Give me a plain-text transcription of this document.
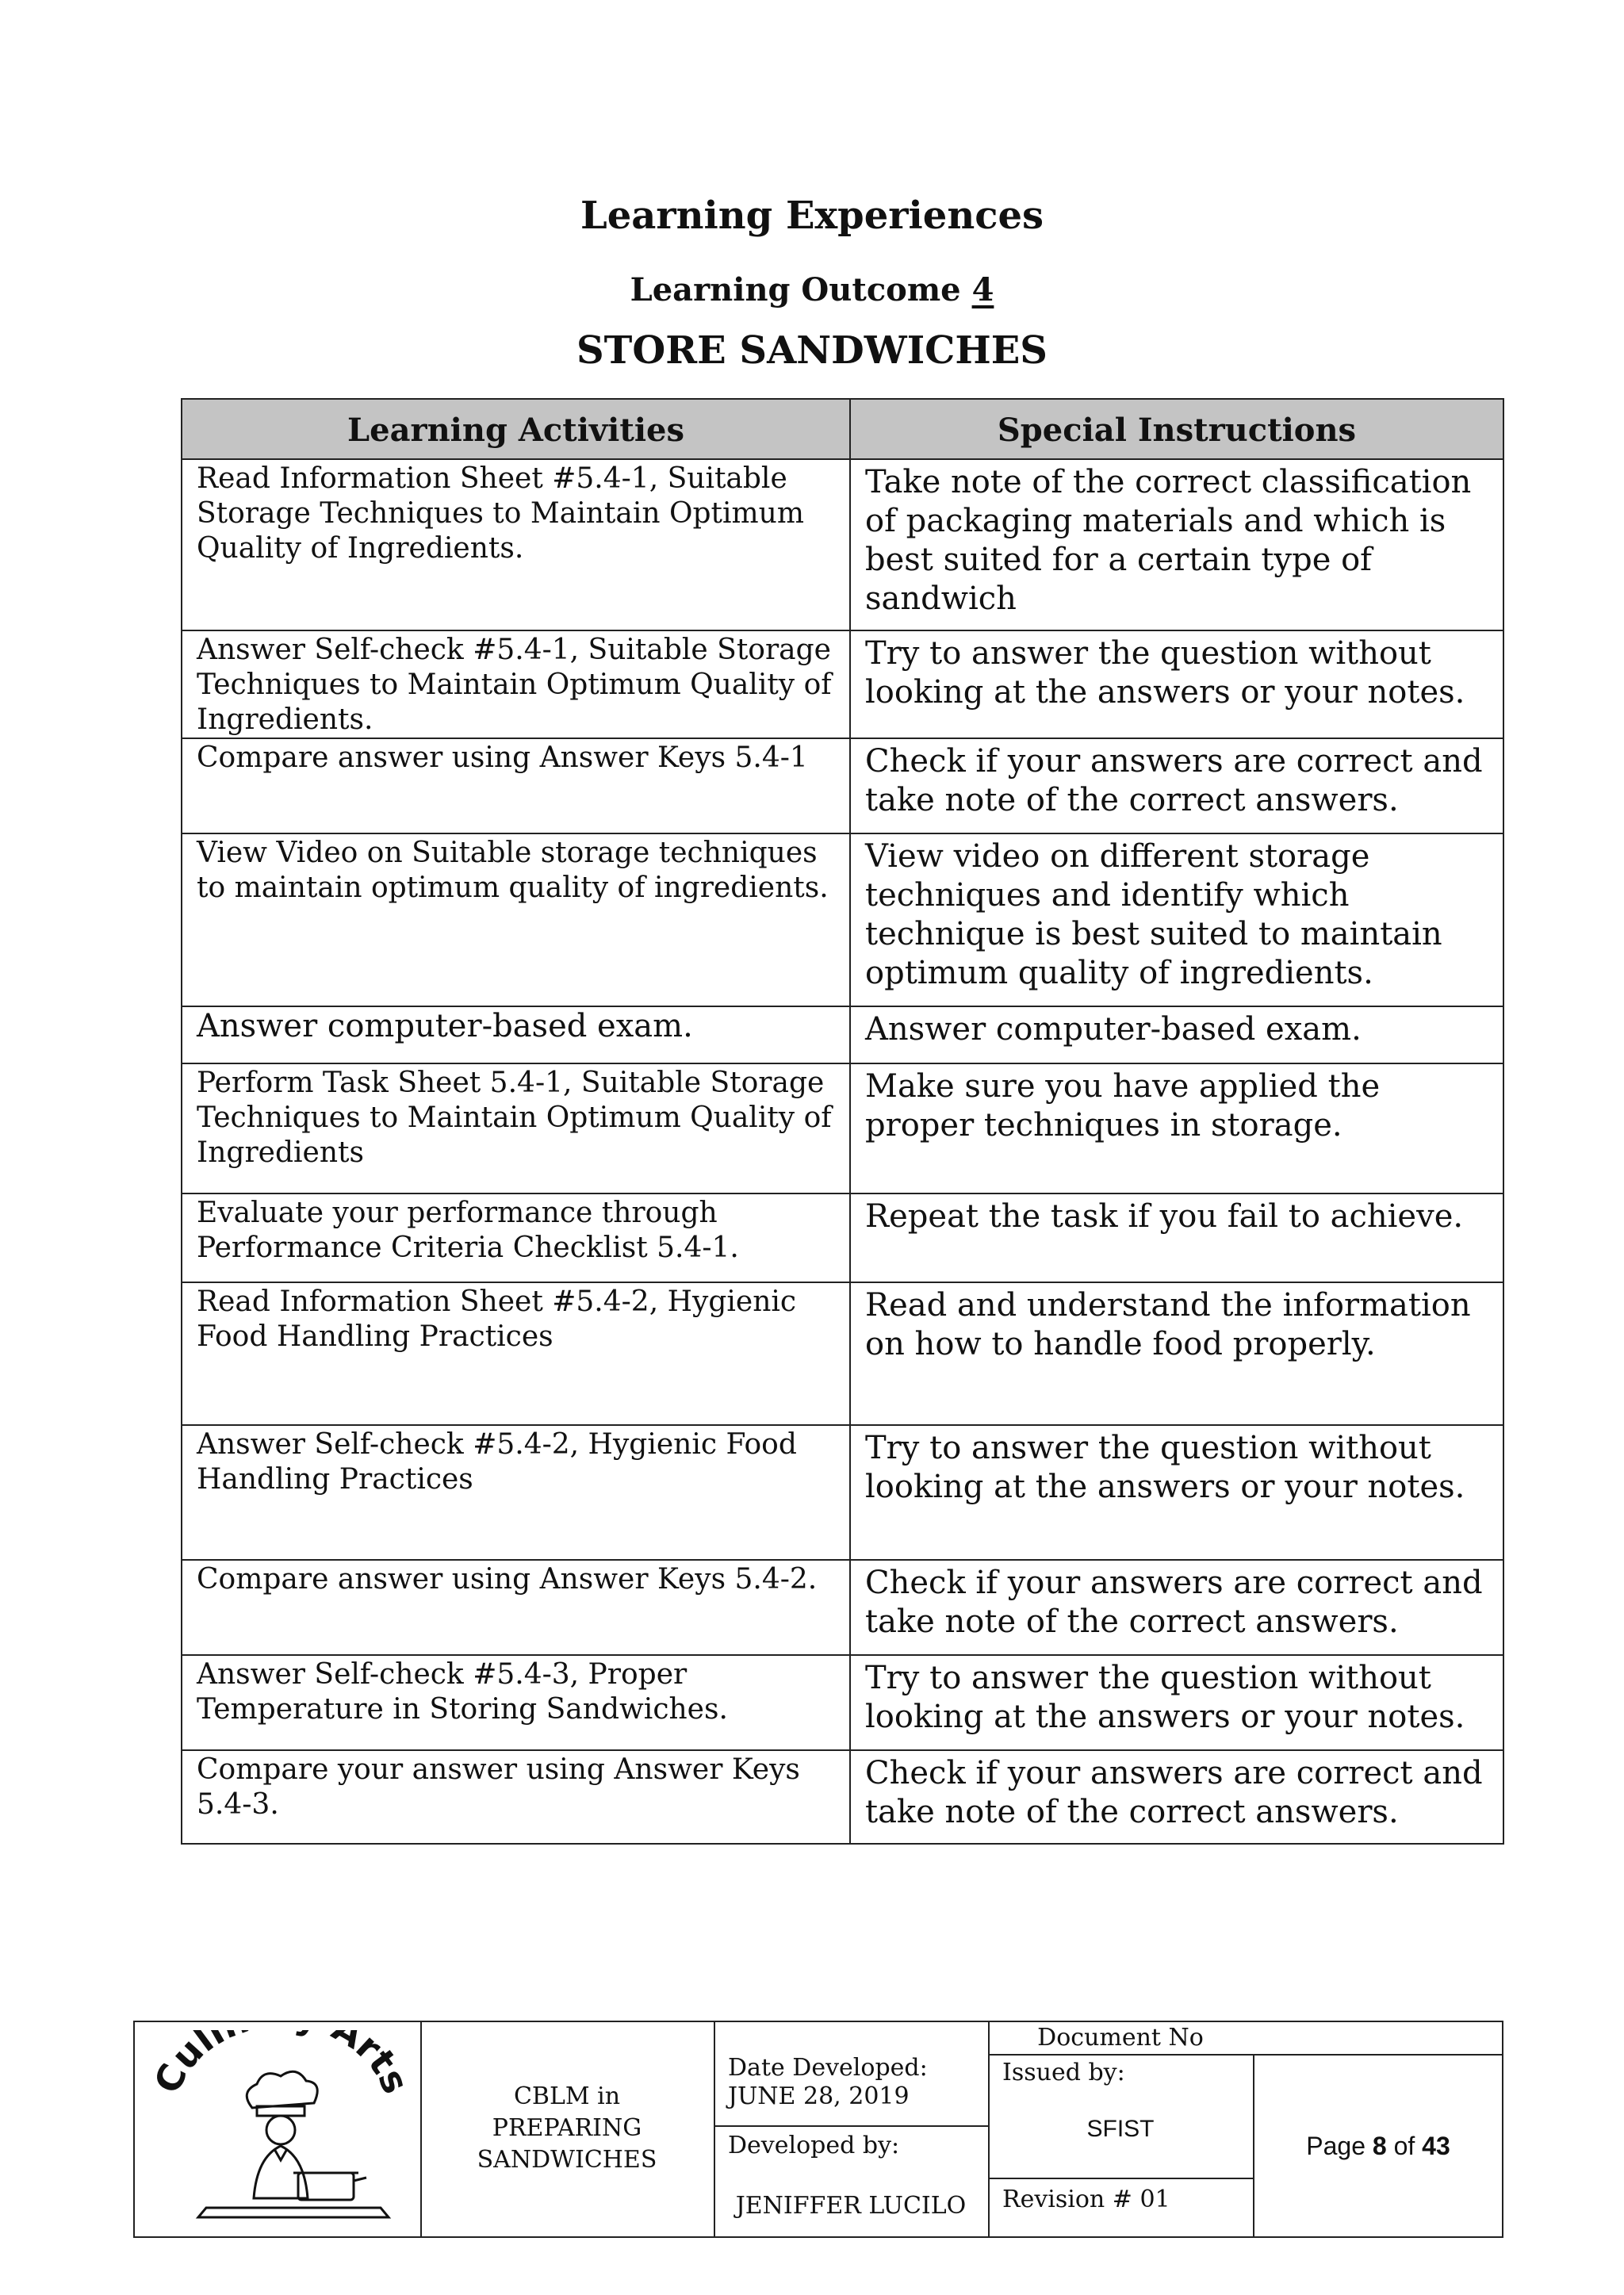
Learning Experiences
Learning Outcome 4
STORE SANDWICHES
Learning Activities	Special Instructions
Read Information Sheet #5.4-1, Suitable Storage Techniques to Maintain Optimum Quality of Ingredients.	Take note of the correct classification of packaging materials and which is best suited for a certain type of sandwich
Answer Self-check #5.4-1, Suitable Storage Techniques to Maintain Optimum Quality of Ingredients.	Try to answer the question without looking at the answers or your notes.
Compare answer using Answer Keys 5.4-1	Check if your answers are correct and take note of the correct answers.
View Video on Suitable storage techniques to maintain optimum quality of ingredients.	View video on different storage techniques and identify which technique is best suited to maintain optimum quality of ingredients.
Answer computer-based exam.	Answer computer-based exam.
Perform Task Sheet 5.4-1, Suitable Storage Techniques to Maintain Optimum Quality of Ingredients	Make sure you have applied the proper techniques in storage.
Evaluate your performance through Performance Criteria Checklist 5.4-1.	Repeat the task if you fail to achieve.
Read Information Sheet #5.4-2, Hygienic Food Handling Practices	Read and understand the information on how to handle food properly.
Answer Self-check #5.4-2, Hygienic Food Handling Practices	Try to answer the question without looking at the answers or your notes.
Compare answer using Answer Keys 5.4-2.	Check if your answers are correct and take note of the correct answers.
Answer Self-check #5.4-3, Proper Temperature in Storing Sandwiches.	Try to answer the question without looking at the answers or your notes.
Compare your answer using Answer Keys 5.4-3.	Check if your answers are correct and take note of the correct answers.
uli Art
CBLM in
PREPARING
SANDWICHES
Date Developed:
JUNE 28, 2019
Developed by:
JENIFFER LUCILO
Document No
Issued by:
SFIST
Revision # 01
Page 8 of 43
